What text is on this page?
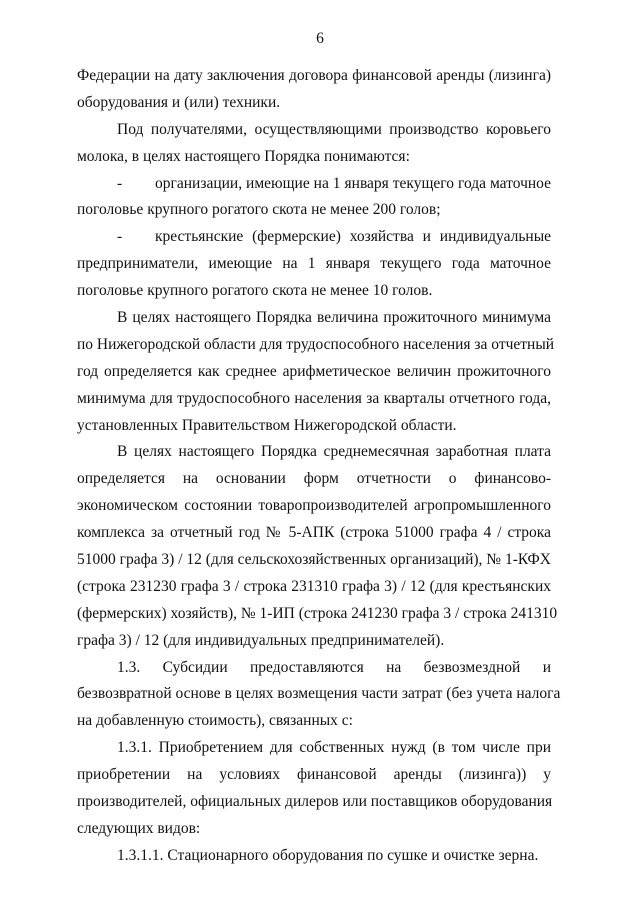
6
Федерации на дату заключения договора финансовой аренды (лизинга)
оборудования и (или) техники.
Под получателями, осуществляющими производство коровьего
молока, в целях настоящего Порядка понимаются:
- организации, имеющие на 1 января текущего года маточное
поголовье крупного рогатого скота не менее 200 голов;
- крестьянские (фермерские) хозяйства и индивидуальные
предприниматели, имеющие на 1 января текущего года маточное
поголовье крупного рогатого скота не менее 10 голов.
В целях настоящего Порядка величина прожиточного минимума
по Нижегородской области для трудоспособного населения за отчетный
год определяется как среднее арифметическое величин прожиточного
минимума для трудоспособного населения за кварталы отчетного года,
установленных Правительством Нижегородской области.
В целях настоящего Порядка среднемесячная заработная плата
определяется на основании форм отчетности о финансово-
экономическом состоянии товаропроизводителей агропромышленного
комплекса за отчетный год № 5-АПК (строка 51000 графа 4 / строка
51000 графа 3) / 12 (для сельскохозяйственных организаций), № 1-КФХ
(строка 231230 графа 3 / строка 231310 графа 3) / 12 (для крестьянских
(фермерских) хозяйств), № 1-ИП (строка 241230 графа 3 / строка 241310
графа 3) / 12 (для индивидуальных предпринимателей).
1.3. Субсидии предоставляются на безвозмездной и
безвозвратной основе в целях возмещения части затрат (без учета налога
на добавленную стоимость), связанных с:
1.3.1. Приобретением для собственных нужд (в том числе при
приобретении на условиях финансовой аренды (лизинга)) у
производителей, официальных дилеров или поставщиков оборудования
следующих видов:
1.3.1.1. Стационарного оборудования по сушке и очистке зерна.
